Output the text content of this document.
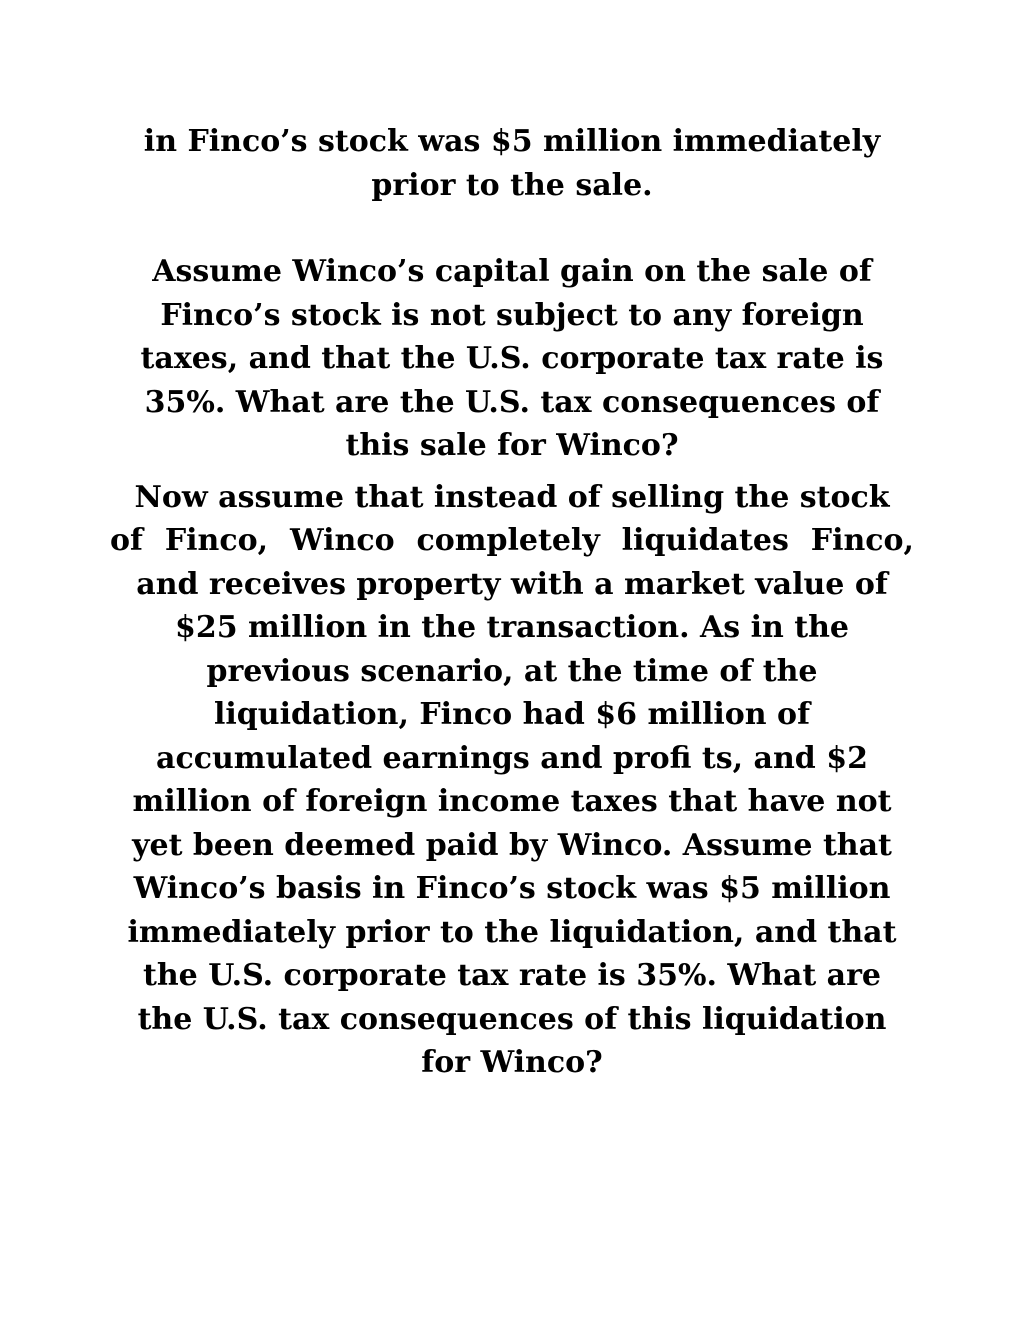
in Finco’s stock was $5 million immediately
prior to the sale.

Assume Winco’s capital gain on the sale of
Finco’s stock is not subject to any foreign
taxes, and that the U.S. corporate tax rate is
35%. What are the U.S. tax consequences of
this sale for Winco?

Now assume that instead of selling the stock
of Finco, Winco completely liquidates Finco,
and receives property with a market value of
$25 million in the transaction. As in the
previous scenario, at the time of the
liquidation, Finco had $6 million of
accumulated earnings and profi ts, and $2
million of foreign income taxes that have not
yet been deemed paid by Winco. Assume that
Winco’s basis in Finco’s stock was $5 million
immediately prior to the liquidation, and that
the U.S. corporate tax rate is 35%. What are
the U.S. tax consequences of this liquidation
for Winco?
